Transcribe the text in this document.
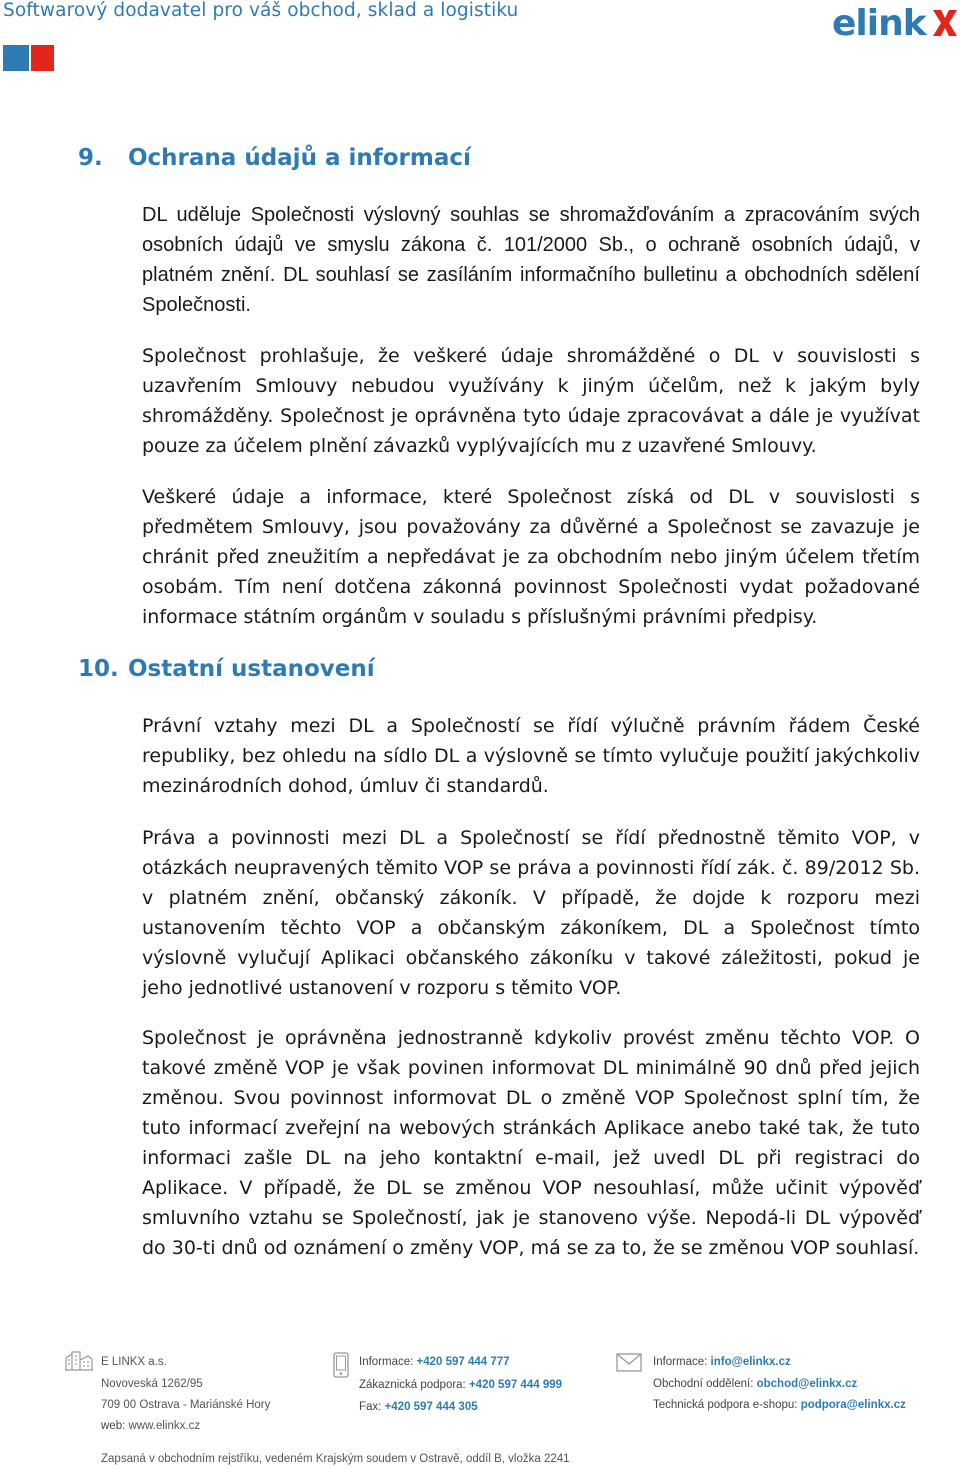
Softwarový dodavatel pro váš obchod, sklad a logistiku	elink
9. Ochrana údajů a informací

DL uděluje Společnosti výslovný souhlas se shromažďováním a zpracováním svých osobních údajů ve smyslu zákona č. 101/2000 Sb., o ochraně osobních údajů, v platném znění. DL souhlasí se zasíláním informačního bulletinu a obchodních sdělení Společnosti.

Společnost prohlašuje, že veškeré údaje shromážděné o DL v souvislosti s uzavřením Smlouvy nebudou využívány k jiným účelům, než k jakým byly shromážděny. Společnost je oprávněna tyto údaje zpracovávat a dále je využívat pouze za účelem plnění závazků vyplývajících mu z uzavřené Smlouvy.

Veškeré údaje a informace, které Společnost získá od DL v souvislosti s předmětem Smlouvy, jsou považovány za důvěrné a Společnost se zavazuje je chránit před zneužitím a nepředávat je za obchodním nebo jiným účelem třetím osobám. Tím není dotčena zákonná povinnost Společnosti vydat požadované informace státním orgánům v souladu s příslušnými právními předpisy.

10. Ostatní ustanovení

Právní vztahy mezi DL a Společností se řídí výlučně právním řádem České republiky, bez ohledu na sídlo DL a výslovně se tímto vylučuje použití jakýchkoliv mezinárodních dohod, úmluv či standardů.

Práva a povinnosti mezi DL a Společností se řídí přednostně těmito VOP, v otázkách neupravených těmito VOP se práva a povinnosti řídí zák. č. 89/2012 Sb. v platném znění, občanský zákoník. V případě, že dojde k rozporu mezi ustanovením těchto VOP a občanským zákoníkem, DL a Společnost tímto výslovně vylučují Aplikaci občanského zákoníku v takové záležitosti, pokud je jeho jednotlivé ustanovení v rozporu s těmito VOP.

Společnost je oprávněna jednostranně kdykoliv provést změnu těchto VOP. O takové změně VOP je však povinen informovat DL minimálně 90 dnů před jejich změnou. Svou povinnost informovat DL o změně VOP Společnost splní tím, že tuto informací zveřejní na webových stránkách Aplikace anebo také tak, že tuto informaci zašle DL na jeho kontaktní e-mail, jež uvedl DL při registraci do Aplikace. V případě, že DL se změnou VOP nesouhlasí, může učinit výpověď smluvního vztahu se Společností, jak je stanoveno výše. Nepodá-li DL výpověď do 30-ti dnů od oznámení o změny VOP, má se za to, že se změnou VOP souhlasí.

E LINKX a.s.
Novoveská 1262/95
709 00 Ostrava - Mariánské Hory
web: www.elinkx.cz
Informace: +420 597 444 777
Zákaznická podpora: +420 597 444 999
Fax: +420 597 444 305
Informace: info@elinkx.cz
Obchodní oddělení: obchod@elinkx.cz
Technická podpora e-shopu: podpora@elinkx.cz
Zapsaná v obchodním rejstříku, vedeném Krajským soudem v Ostravě, oddíl B, vložka 2241
